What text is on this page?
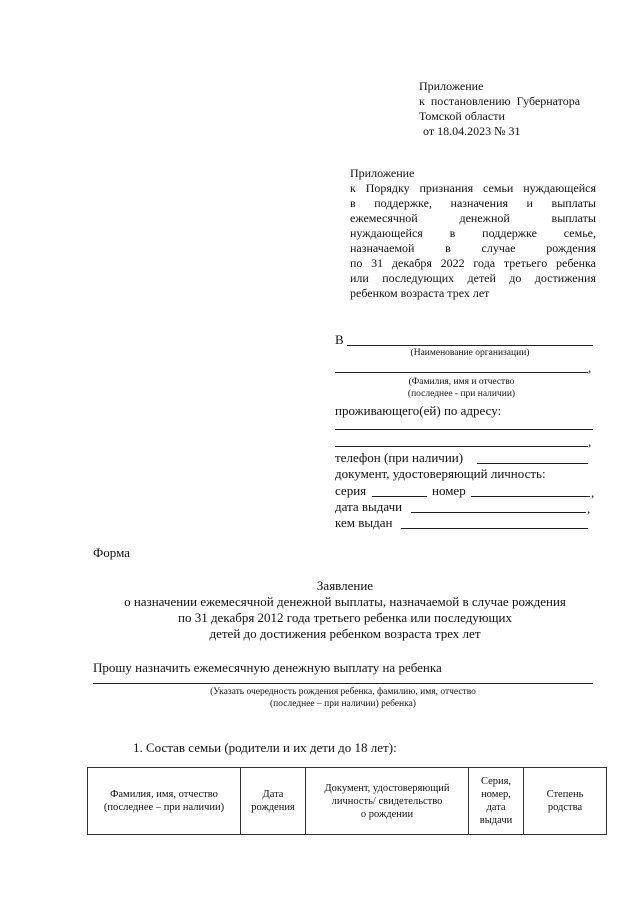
Приложение
к  постановлению  Губернатора
Томской области
от 18.04.2023 № 31
Приложение
к Порядку признания семьи нуждающейся
в поддержке, назначения и выплаты
ежемесячной денежной выплаты
нуждающейся в поддержке семье,
назначаемой в случае рождения
по 31 декабря 2022 года третьего ребенка
или последующих детей до достижения
ребенком возраста трех лет
В
(Наименование организации)
,
(Фамилия, имя и отчество
(последнее - при наличии)
проживающего(ей) по адресу:
,
телефон (при наличии)
документ, удостоверяющий личность:
серия	номер	,
дата выдачи	,
кем выдан
Форма
Заявление
о назначении ежемесячной денежной выплаты, назначаемой в случае рождения
по 31 декабря 2012 года третьего ребенка или последующих
детей до достижения ребенком возраста трех лет
Прошу назначить ежемесячную денежную выплату на ребенка
(Указать очередность рождения ребенка, фамилию, имя, отчество
(последнее – при наличии) ребенка)
1. Состав семьи (родители и их дети до 18 лет):
Фамилия, имя, отчество
(последнее – при наличии)

Дата
рождения

Документ, удостоверяющий
личность/ свидетельство
о рождении

Серия,
номер,
дата
выдачи

Степень
родства
